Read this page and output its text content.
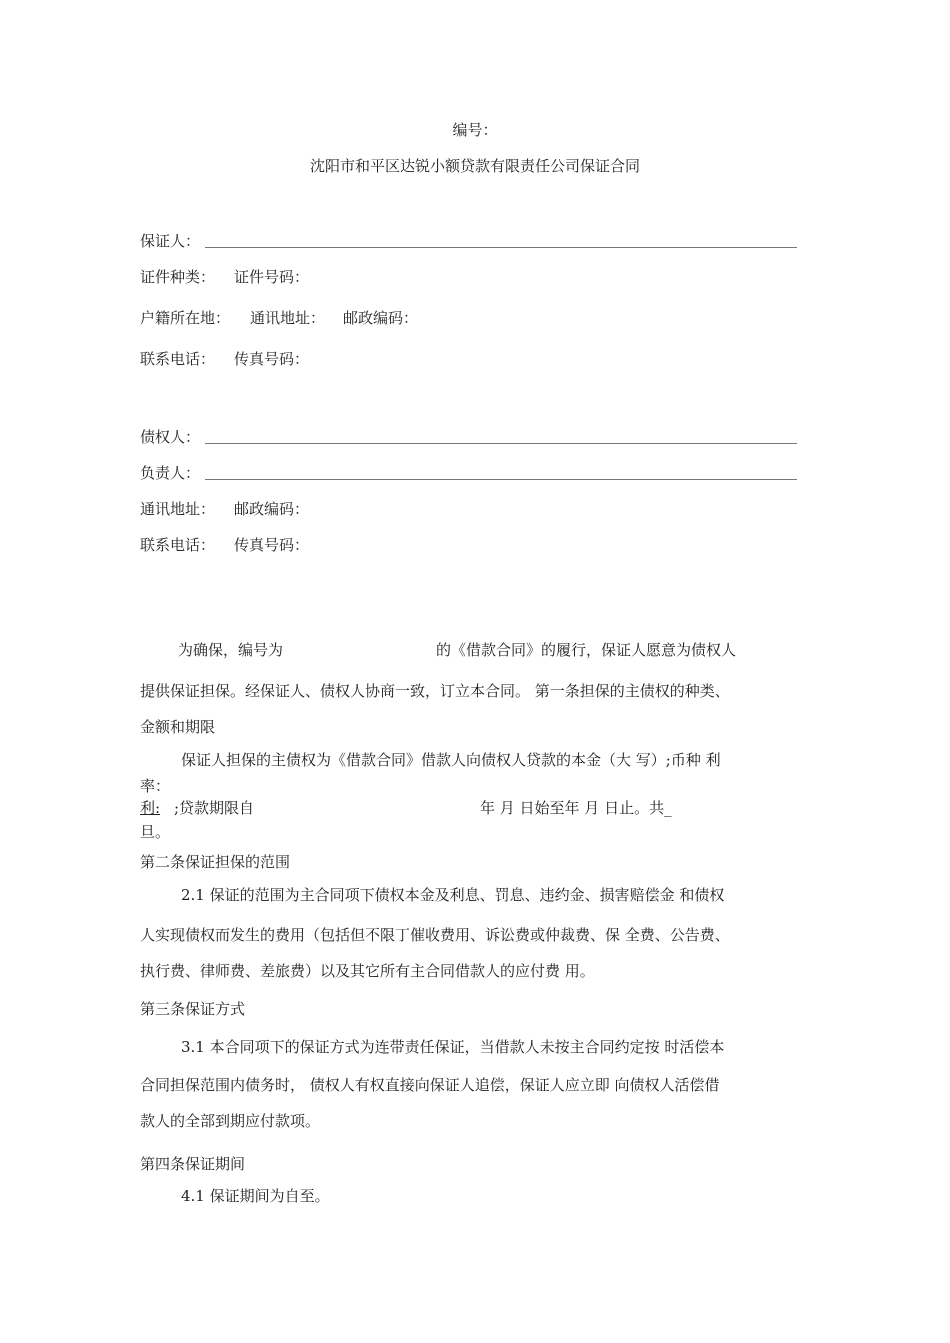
编号：
沈阳市和平区达锐小额贷款有限责任公司保证合同
保证人：
证件种类： 证件号码：
户籍所在地： 通讯地址： 邮政编码：
联系电话： 传真号码：
债权人：
负责人：
通讯地址： 邮政编码：
联系电话： 传真号码：
为确保，编号为	的《借款合同》的履行，保证人愿意为债权人
提供保证担保。经保证人、债权人协商一致，订立本合同。 第一条担保的主债权的种类、
金额和期限
保证人担保的主债权为《借款合同》借款人向债权人贷款的本金（大 写）;币种 利
率：
利: ;贷款期限自	年 月 日始至年 月 日止。共_
旦。
第二条保证担保的范围
2.1 保证的范围为主合同项下债权本金及利息、罚息、违约金、损害赔偿金 和债权
人实现债权而发生的费用（包括但不限丁催收费用、诉讼费或仲裁费、保 全费、公告费、
执行费、律师费、差旅费）以及其它所有主合同借款人的应付费 用。
第三条保证方式
3.1 本合同项下的保证方式为连带责任保证，当借款人未按主合同约定按 时活偿本
合同担保范围内债务时， 债权人有权直接向保证人追偿，保证人应立即 向债权人活偿借
款人的全部到期应付款项。
第四条保证期间
4.1 保证期间为自至。
